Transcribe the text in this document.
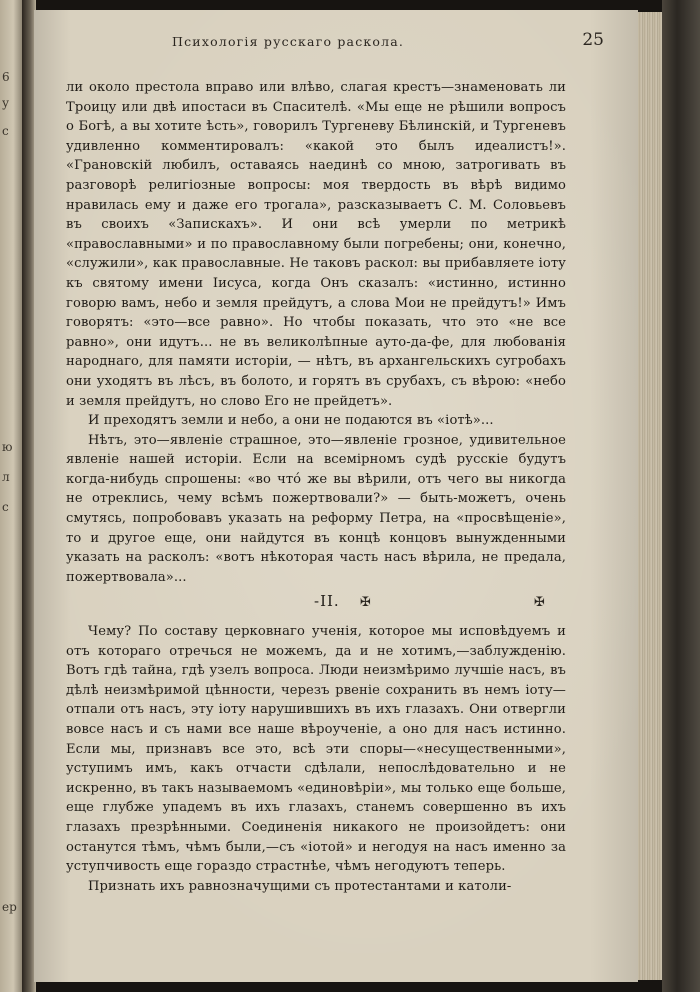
6
у
с
ю
л
с
ер
Психологія русскаго раскола.	25

ли около престола вправо или влѣво, слагая крестъ—знаменовать ли Троицу или двѣ ипостаси въ Спасителѣ. «Мы еще не рѣшили вопросъ о Богѣ, а вы хотите ѣсть», говорилъ Тургеневу Бѣлинскій, и Тургеневъ удивленно комментировалъ: «какой это былъ идеалистъ!». «Грановскій любилъ, оставаясь наединѣ со мною, затрогивать въ разговорѣ религіозные вопросы: моя твердость въ вѣрѣ видимо нравилась ему и даже его трогала», разсказываетъ С. М. Соловьевъ въ своихъ «Запискахъ». И они всѣ умерли по метрикѣ «православными» и по православному были погребены; они, конечно, «служили», как православные. Не таковъ раскол: вы прибавляете іоту къ святому имени Іисуса, когда Онъ сказалъ: «истинно, истинно говорю вамъ, небо и земля прейдутъ, а слова Мои не прейдутъ!» Имъ говорятъ: «это—все равно». Но чтобы показать, что это «не все равно», они идутъ... не въ великолѣпные ауто-да-фе, для любованія народнаго, для памяти исторіи, — нѣтъ, въ архангельскихъ сугробахъ они уходятъ въ лѣсъ, въ болото, и горятъ въ срубахъ, съ вѣрою: «небо и земля прейдутъ, но слово Его не прейдетъ».

И преходятъ земли и небо, а они не подаются въ «іотѣ»...

Нѣтъ, это—явленіе страшное, это—явленіе грозное, удивительное явленіе нашей исторіи. Если на всемірномъ судѣ русскіе будутъ когда-нибудь спрошены: «во чтó же вы вѣрили, отъ чего вы никогда не отреклись, чему всѣмъ пожертвовали?» — быть-можетъ, очень смутясь, попробовавъ указать на реформу Петра, на «просвѣщеніе», то и другое еще, они найдутся въ концѣ концовъ вынужденными указать на расколъ: «вотъ нѣкоторая часть насъ вѣрила, не предала, пожертвовала»...

-II. ✠	✠

Чему? По составу церковнаго ученія, которое мы исповѣдуемъ и отъ котораго отречься не можемъ, да и не хотимъ,—заблужденію. Вотъ гдѣ тайна, гдѣ узелъ вопроса. Люди неизмѣримо лучшіе насъ, въ дѣлѣ неизмѣримой цѣнности, черезъ рвеніе сохранить въ немъ іоту—отпали отъ насъ, эту іоту нарушившихъ въ ихъ глазахъ. Они отвергли вовсе насъ и съ нами все наше вѣроученіе, а оно для насъ истинно. Если мы, признавъ все это, всѣ эти споры—«несущественными», уступимъ имъ, какъ отчасти сдѣлали, непослѣдовательно и не искренно, въ такъ называемомъ «единовѣріи», мы только еще больше, еще глубже упадемъ въ ихъ глазахъ, станемъ совершенно въ ихъ глазахъ презрѣнными. Соединенія никакого не произойдетъ: они останутся тѣмъ, чѣмъ были,—съ «іотой» и негодуя на насъ именно за уступчивость еще гораздо страстнѣе, чѣмъ негодуютъ теперь.

Признать ихъ равнозначущими съ протестантами и католи-
